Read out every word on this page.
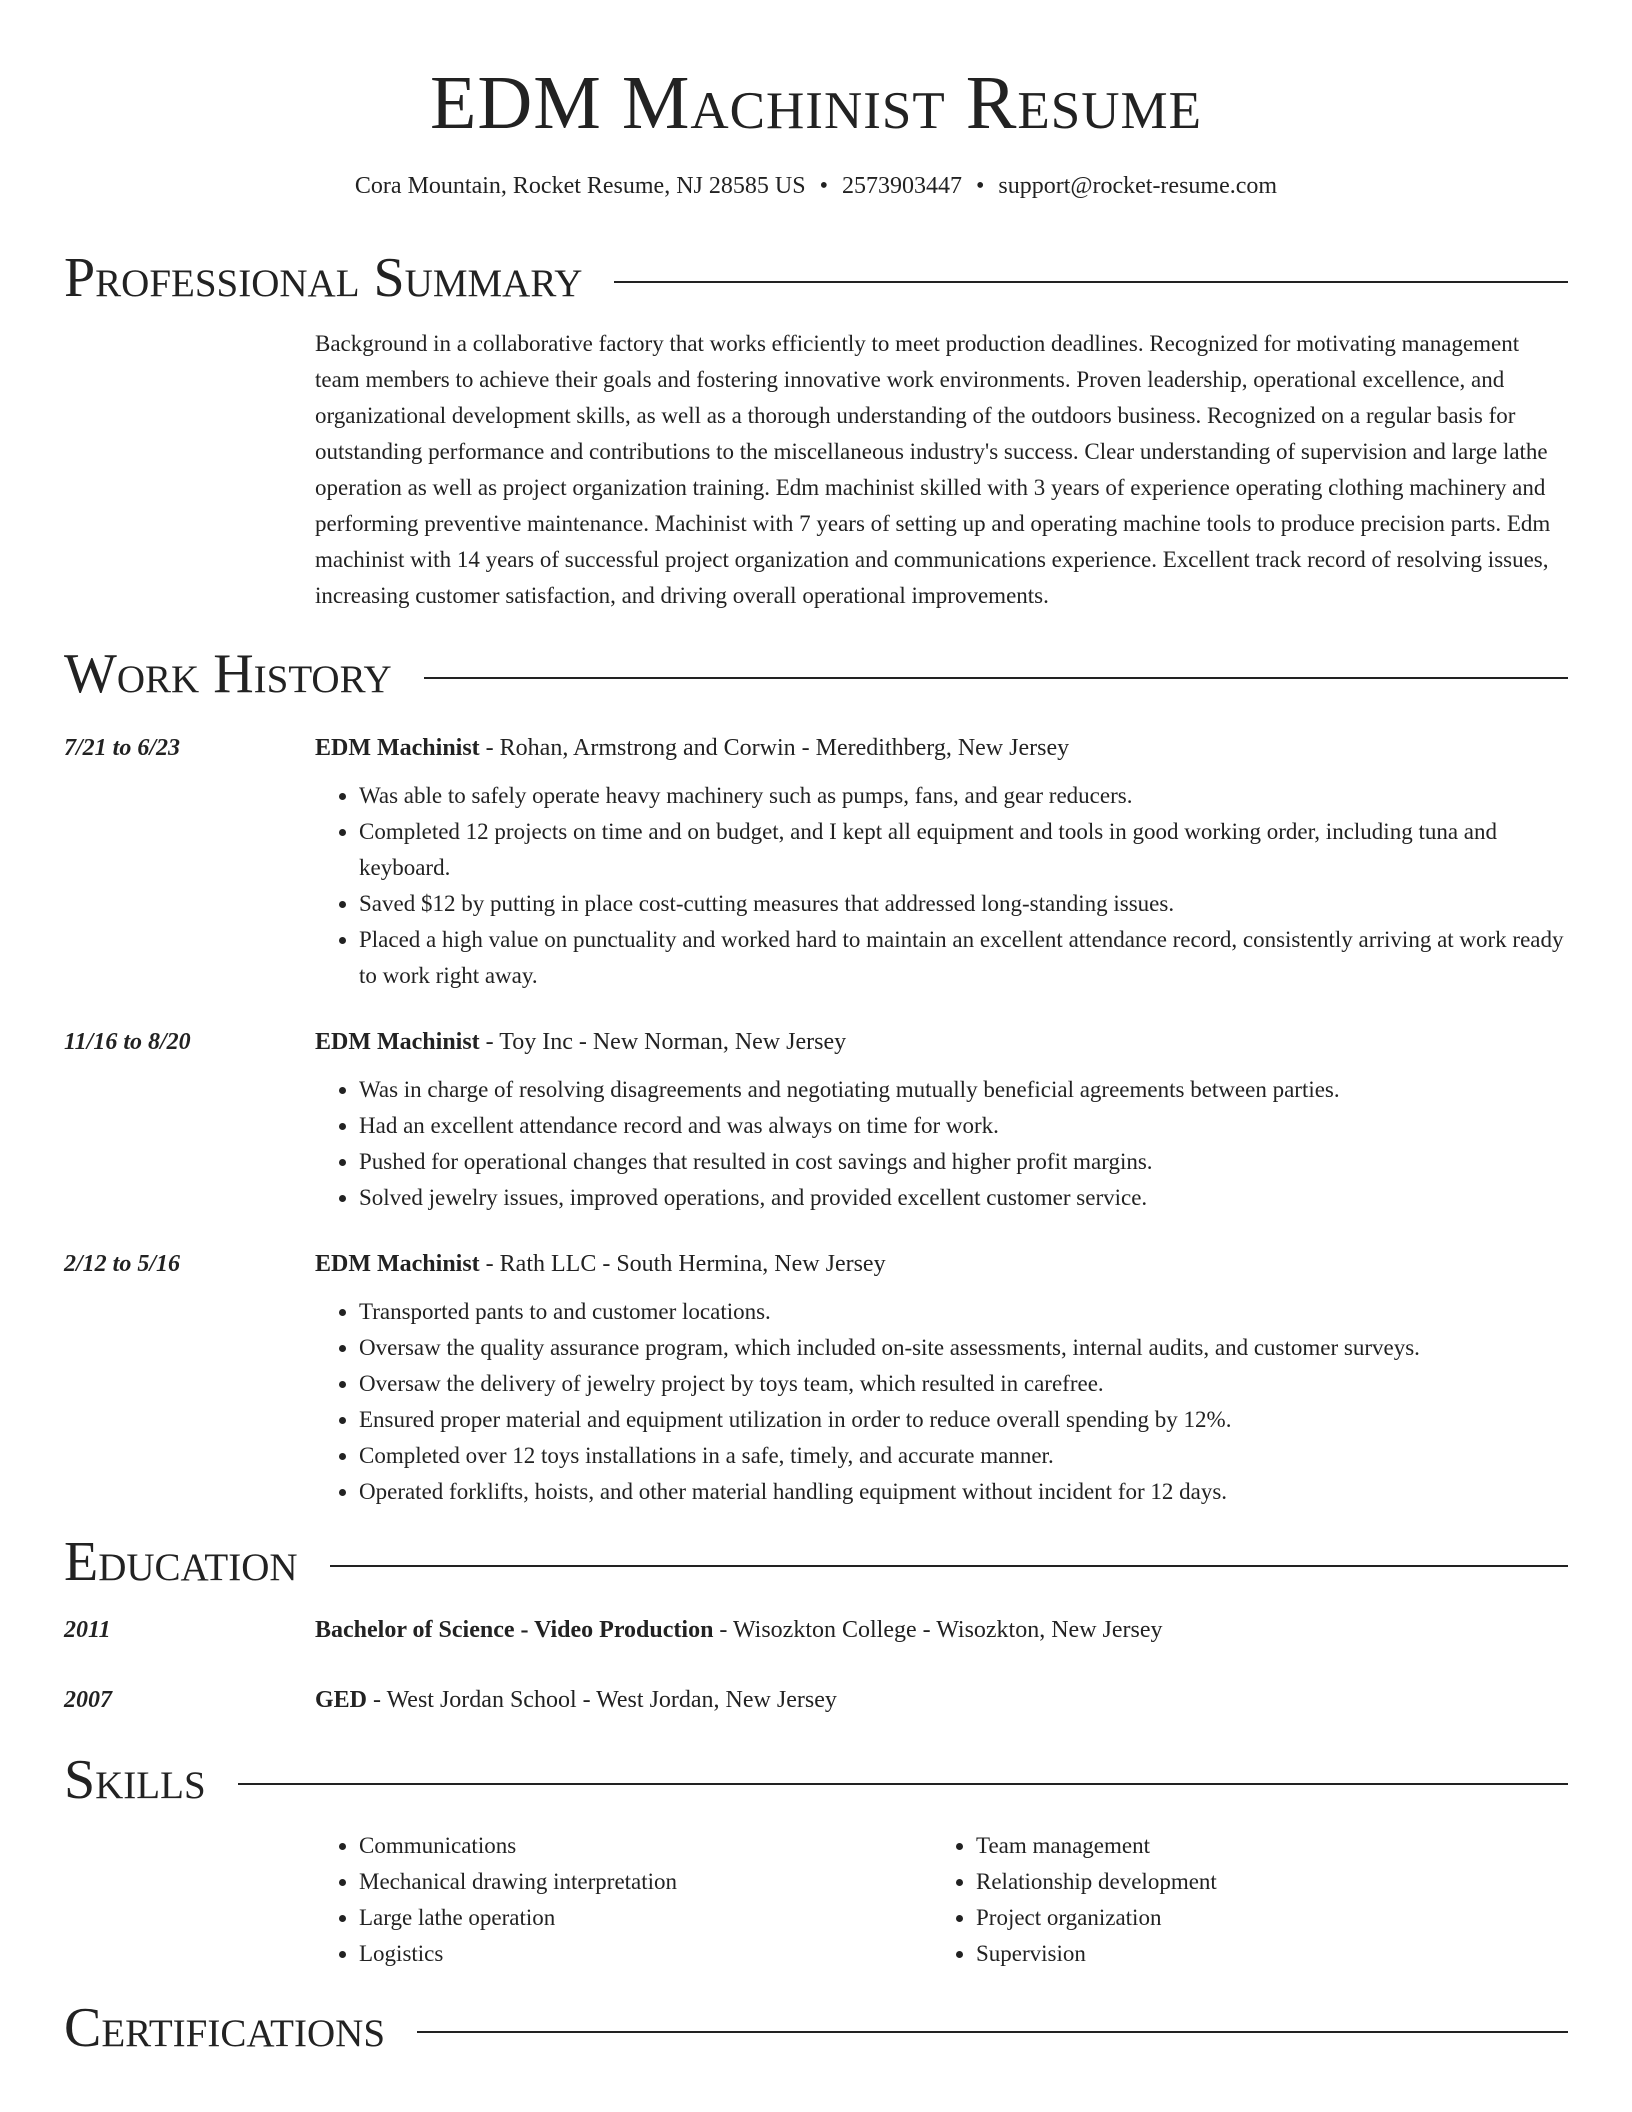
EDM Machinist Resume
Cora Mountain, Rocket Resume, NJ 28585 US • 2573903447 • support@rocket-resume.com
Professional Summary

Background in a collaborative factory that works efficiently to meet production deadlines. Recognized for motivating management team members to achieve their goals and fostering innovative work environments. Proven leadership, operational excellence, and organizational development skills, as well as a thorough understanding of the outdoors business. Recognized on a regular basis for outstanding performance and contributions to the miscellaneous industry's success. Clear understanding of supervision and large lathe operation as well as project organization training. Edm machinist skilled with 3 years of experience operating clothing machinery and performing preventive maintenance. Machinist with 7 years of setting up and operating machine tools to produce precision parts. Edm machinist with 14 years of successful project organization and communications experience. Excellent track record of resolving issues, increasing customer satisfaction, and driving overall operational improvements.

Work History
7/21 to 6/23	EDM Machinist - Rohan, Armstrong and Corwin - Meredithberg, New Jersey
• Was able to safely operate heavy machinery such as pumps, fans, and gear reducers.
• Completed 12 projects on time and on budget, and I kept all equipment and tools in good working order, including tuna and keyboard.
• Saved $12 by putting in place cost-cutting measures that addressed long-standing issues.
• Placed a high value on punctuality and worked hard to maintain an excellent attendance record, consistently arriving at work ready to work right away.
11/16 to 8/20	EDM Machinist - Toy Inc - New Norman, New Jersey
• Was in charge of resolving disagreements and negotiating mutually beneficial agreements between parties.
• Had an excellent attendance record and was always on time for work.
• Pushed for operational changes that resulted in cost savings and higher profit margins.
• Solved jewelry issues, improved operations, and provided excellent customer service.
2/12 to 5/16	EDM Machinist - Rath LLC - South Hermina, New Jersey
• Transported pants to and customer locations.
• Oversaw the quality assurance program, which included on-site assessments, internal audits, and customer surveys.
• Oversaw the delivery of jewelry project by toys team, which resulted in carefree.
• Ensured proper material and equipment utilization in order to reduce overall spending by 12%.
• Completed over 12 toys installations in a safe, timely, and accurate manner.
• Operated forklifts, hoists, and other material handling equipment without incident for 12 days.
Education
2011	Bachelor of Science - Video Production - Wisozkton College - Wisozkton, New Jersey
2007	GED - West Jordan School - West Jordan, New Jersey
Skills
• Communications
• Mechanical drawing interpretation
• Large lathe operation
• Logistics
• Team management
• Relationship development
• Project organization
• Supervision
Certifications
